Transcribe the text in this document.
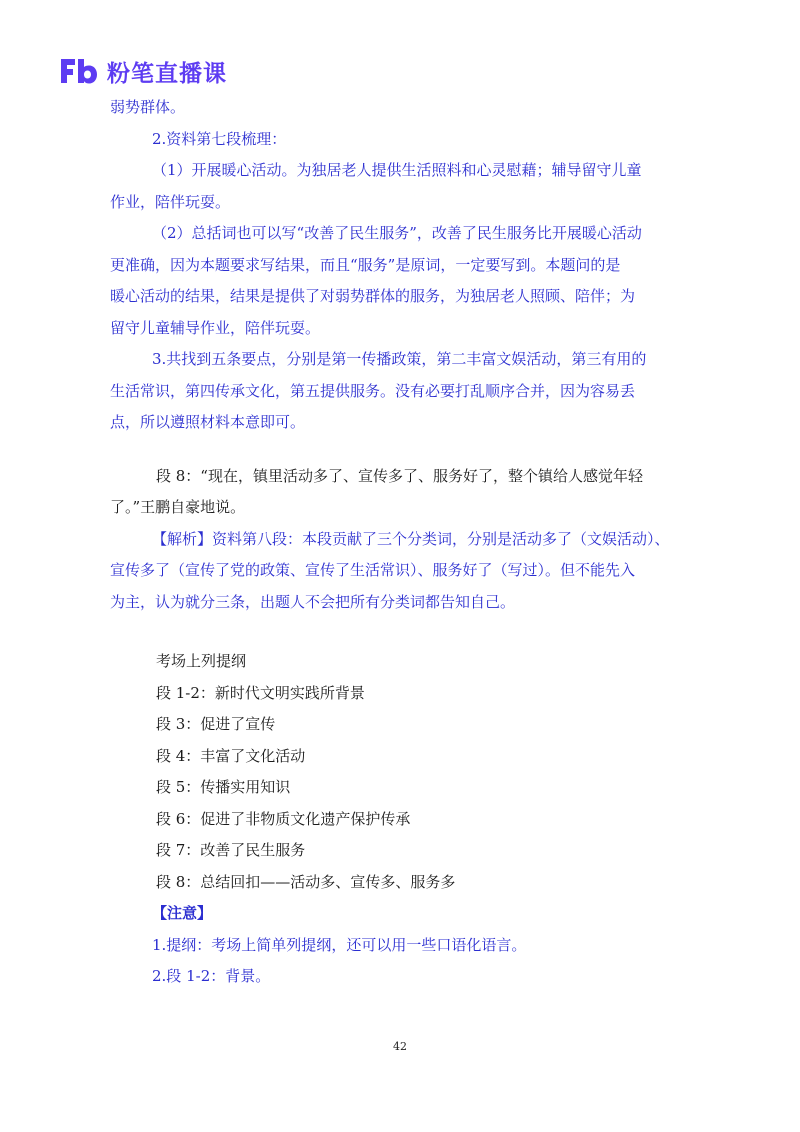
粉笔直播课
弱势群体。
2.资料第七段梳理：
（1）开展暖心活动。为独居老人提供生活照料和心灵慰藉；辅导留守儿童
作业，陪伴玩耍。
（2）总括词也可以写“改善了民生服务”，改善了民生服务比开展暖心活动
更准确，因为本题要求写结果，而且“服务”是原词，一定要写到。本题问的是
暖心活动的结果，结果是提供了对弱势群体的服务，为独居老人照顾、陪伴；为
留守儿童辅导作业，陪伴玩耍。
3.共找到五条要点，分别是第一传播政策，第二丰富文娱活动，第三有用的
生活常识，第四传承文化，第五提供服务。没有必要打乱顺序合并，因为容易丢
点，所以遵照材料本意即可。
段 8：“现在，镇里活动多了、宣传多了、服务好了，整个镇给人感觉年轻
了。”王鹏自豪地说。
【解析】资料第八段：本段贡献了三个分类词，分别是活动多了（文娱活动）、
宣传多了（宣传了党的政策、宣传了生活常识）、服务好了（写过）。但不能先入
为主，认为就分三条，出题人不会把所有分类词都告知自己。
考场上列提纲
段 1-2：新时代文明实践所背景
段 3：促进了宣传
段 4：丰富了文化活动
段 5：传播实用知识
段 6：促进了非物质文化遗产保护传承
段 7：改善了民生服务
段 8：总结回扣——活动多、宣传多、服务多
【注意】
1.提纲：考场上简单列提纲，还可以用一些口语化语言。
2.段 1-2：背景。
42
